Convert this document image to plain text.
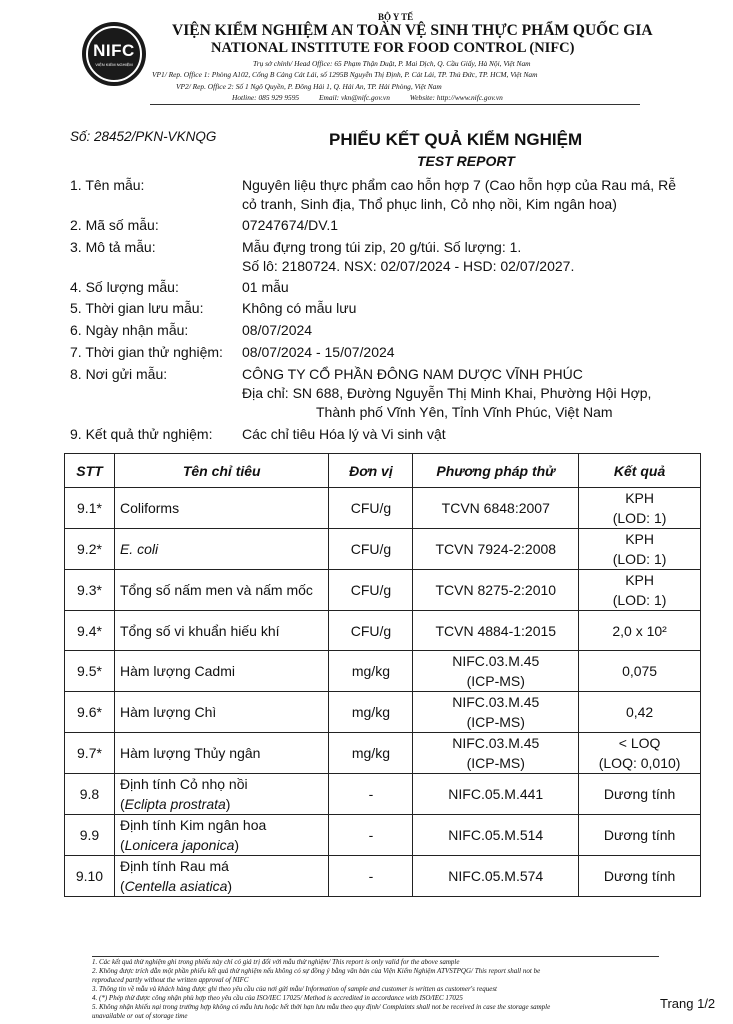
NIFC
VIỆN KIỂM NGHIỆM
BỘ Y TẾ
VIỆN KIỂM NGHIỆM AN TOÀN VỆ SINH THỰC PHẨM QUỐC GIA
NATIONAL INSTITUTE FOR FOOD CONTROL (NIFC)
Trụ sở chính/ Head Office: 65 Phạm Thận Duật, P. Mai Dịch, Q. Cầu Giấy, Hà Nội, Việt Nam
VP1/ Rep. Office 1: Phòng A102, Cổng B Cảng Cát Lái, số 1295B Nguyễn Thị Định, P. Cát Lái, TP. Thủ Đức, TP. HCM, Việt Nam
VP2/ Rep. Office 2: Số 1 Ngô Quyền, P. Đông Hải 1, Q. Hải An, TP. Hải Phòng, Việt Nam
Hotline: 085 929 9595	Email: vkn@nifc.gov.vn	Website: http://www.nifc.gov.vn
Số: 28452/PKN-VKNQG	PHIẾU KẾT QUẢ KIỂM NGHIỆM
TEST REPORT
1. Tên mẫu:	Nguyên liệu thực phẩm cao hỗn hợp 7 (Cao hỗn hợp của Rau má, Rễ
cỏ tranh, Sinh địa, Thổ phục linh, Cỏ nhọ nồi, Kim ngân hoa)
2. Mã số mẫu:	07247674/DV.1
3. Mô tả mẫu:	Mẫu đựng trong túi zip, 20 g/túi. Số lượng: 1.
Số lô: 2180724. NSX: 02/07/2024 - HSD: 02/07/2027.
4. Số lượng mẫu:	01 mẫu
5. Thời gian lưu mẫu:	Không có mẫu lưu
6. Ngày nhận mẫu:	08/07/2024
7. Thời gian thử nghiệm: 08/07/2024 - 15/07/2024
8. Nơi gửi mẫu:	CÔNG TY CỔ PHẦN ĐÔNG NAM DƯỢC VĨNH PHÚC
Địa chỉ: SN 688, Đường Nguyễn Thị Minh Khai, Phường Hội Hợp,
Thành phố Vĩnh Yên, Tỉnh Vĩnh Phúc, Việt Nam
9. Kết quả thử nghiệm: Các chỉ tiêu Hóa lý và Vi sinh vật
STT	Tên chỉ tiêu	Đơn vị	Phương pháp thử	Kết quả
9.1*	Coliforms	CFU/g	TCVN 6848:2007	KPH
(LOD: 1)
9.2*	E. coli	CFU/g	TCVN 7924-2:2008	KPH
(LOD: 1)
9.3*	Tổng số nấm men và nấm mốc	CFU/g	TCVN 8275-2:2010	KPH
(LOD: 1)
9.4*	Tổng số vi khuẩn hiếu khí	CFU/g	TCVN 4884-1:2015	2,0 x 10²
9.5*	Hàm lượng Cadmi	mg/kg	NIFC.03.M.45
(ICP-MS)	0,075
9.6*	Hàm lượng Chì	mg/kg	NIFC.03.M.45
(ICP-MS)	0,42
9.7*	Hàm lượng Thủy ngân	mg/kg	NIFC.03.M.45
(ICP-MS)	< LOQ
(LOQ: 0,010)
9.8	Định tính Cỏ nhọ nồi
(Eclipta prostrata)	-	NIFC.05.M.441	Dương tính
9.9	Định tính Kim ngân hoa
(Lonicera japonica)	-	NIFC.05.M.514	Dương tính
9.10	Định tính Rau má
(Centella asiatica)	-	NIFC.05.M.574	Dương tính
1. Các kết quả thử nghiệm ghi trong phiếu này chỉ có giá trị đối với mẫu thử nghiệm/ This report is only valid for the above sample
2. Không được trích dẫn một phần phiếu kết quả thử nghiệm nếu không có sự đồng ý bằng văn bản của Viện Kiểm Nghiệm ATVSTPQG/ This report shall not be
reproduced partly without the written approval of NIFC
3. Thông tin về mẫu và khách hàng được ghi theo yêu cầu của nơi gửi mẫu/ Information of sample and customer is written as customer's request
4. (*) Phép thử được công nhận phù hợp theo yêu cầu của ISO/IEC 17025/ Method is accredited in accordance with ISO/IEC 17025
5. Không nhận khiếu nại trong trường hợp không có mẫu lưu hoặc hết thời hạn lưu mẫu theo quy định/ Complaints shall not be received in case the storage sample
unavailable or out of storage time
Trang 1/2
